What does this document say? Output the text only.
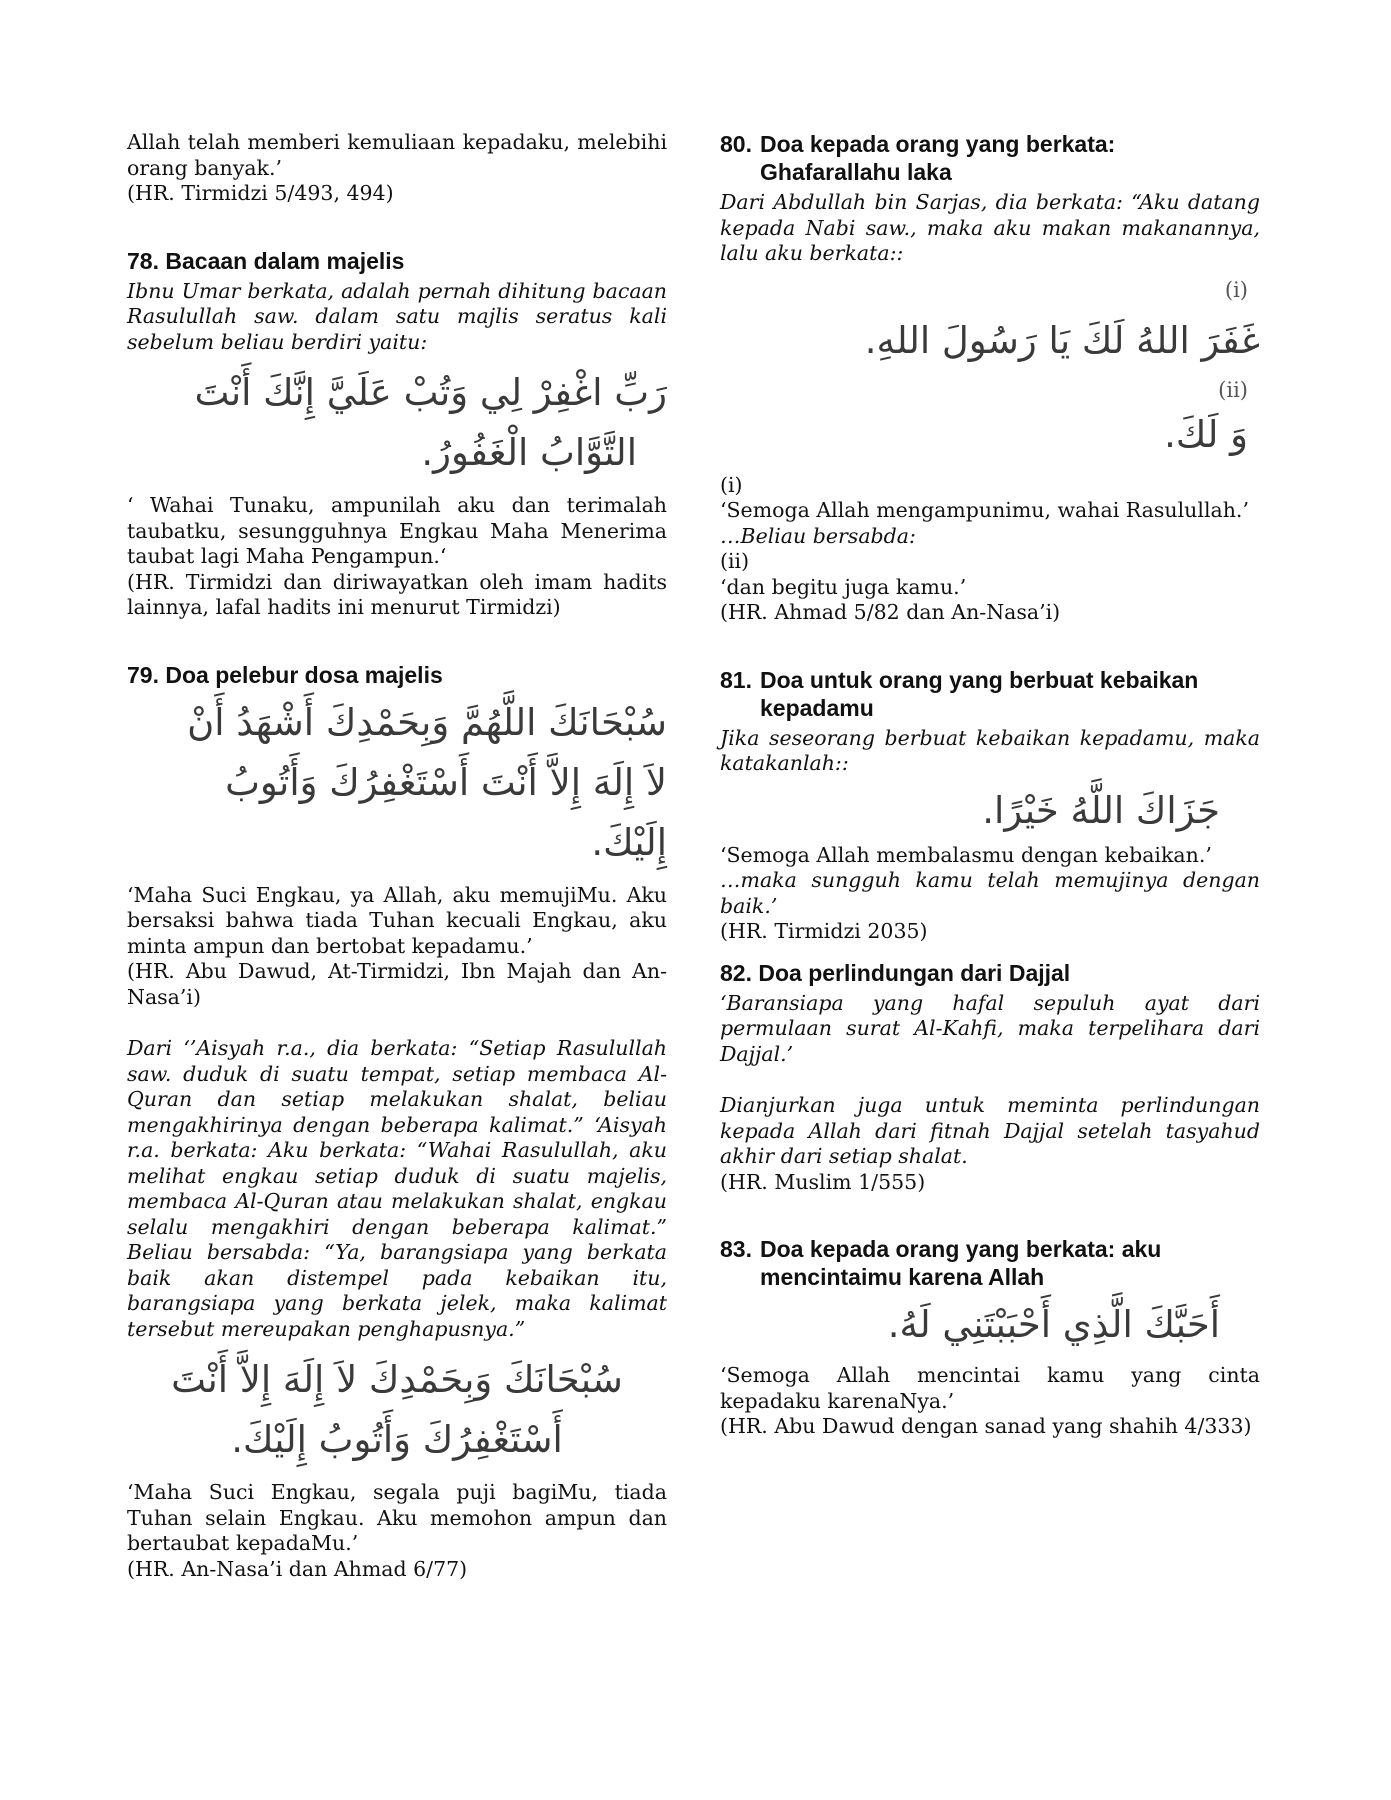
Allah telah memberi kemuliaan kepadaku, melebihi orang banyak.’

(HR. Tirmidzi 5/493, 494)

78. Bacaan dalam majelis

Ibnu Umar berkata, adalah pernah dihitung bacaan Rasulullah saw. dalam satu majlis seratus kali sebelum beliau berdiri yaitu:

رَبِّ اغْفِرْ لِي وَتُبْ عَلَيَّ إِنَّكَ أَنْتَ
التَّوَّابُ الْغَفُورُ.

‘ Wahai Tunaku, ampunilah aku dan terimalah taubatku, sesungguhnya Engkau Maha Menerima taubat lagi Maha Pengampun.‘

(HR. Tirmidzi dan diriwayatkan oleh imam hadits lainnya, lafal hadits ini menurut Tirmidzi)

79. Doa pelebur dosa majelis
سُبْحَانَكَ اللَّهُمَّ وَبِحَمْدِكَ أَشْهَدُ أَنْ
لاَ إِلَهَ إِلاَّ أَنْتَ أَسْتَغْفِرُكَ وَأَتُوبُ
إِلَيْكَ.

‘Maha Suci Engkau, ya Allah, aku memujiMu. Aku bersaksi bahwa tiada Tuhan kecuali Engkau, aku minta ampun dan bertobat kepadamu.’

(HR. Abu Dawud, At-Tirmidzi, Ibn Majah dan An-Nasa’i)

Dari ‘’Aisyah r.a., dia berkata: “Setiap Rasulullah saw. duduk di suatu tempat, setiap membaca Al-Quran dan setiap melakukan shalat, beliau mengakhirinya dengan beberapa kalimat.” ‘Aisyah r.a. berkata: Aku berkata: “Wahai Rasulullah, aku melihat engkau setiap duduk di suatu majelis, membaca Al-Quran atau melakukan shalat, engkau selalu mengakhiri dengan beberapa kalimat.” Beliau bersabda: “Ya, barangsiapa yang berkata baik akan distempel pada kebaikan itu, barangsiapa yang berkata jelek, maka kalimat tersebut mereupakan penghapusnya.”

سُبْحَانَكَ وَبِحَمْدِكَ لاَ إِلَهَ إِلاَّ أَنْتَ
أَسْتَغْفِرُكَ وَأَتُوبُ إِلَيْكَ.

‘Maha Suci Engkau, segala puji bagiMu, tiada Tuhan selain Engkau. Aku memohon ampun dan bertaubat kepadaMu.’

(HR. An-Nasa’i dan Ahmad 6/77)

80. Doa kepada orang yang berkata:
Ghafarallahu laka

Dari Abdullah bin Sarjas, dia berkata: “Aku datang kepada Nabi saw., maka aku makan makanannya, lalu aku berkata::

(i)
غَفَرَ اللهُ لَكَ يَا رَسُولَ اللهِ.
(ii)
وَ لَكَ.

(i)

‘Semoga Allah mengampunimu, wahai Rasulullah.’

…Beliau bersabda:

(ii)

‘dan begitu juga kamu.’

(HR. Ahmad 5/82 dan An-Nasa’i)

81. Doa untuk orang yang berbuat kebaikan
kepadamu

Jika seseorang berbuat kebaikan kepadamu, maka katakanlah::

جَزَاكَ اللَّهُ خَيْرًا.

‘Semoga Allah membalasmu dengan kebaikan.’

…maka sungguh kamu telah memujinya dengan baik.’

(HR. Tirmidzi 2035)

82. Doa perlindungan dari Dajjal

‘Baransiapa yang hafal sepuluh ayat dari permulaan surat Al-Kahfi, maka terpelihara dari Dajjal.’

Dianjurkan juga untuk meminta perlindungan kepada Allah dari fitnah Dajjal setelah tasyahud akhir dari setiap shalat.

(HR. Muslim 1/555)

83. Doa kepada orang yang berkata: aku
mencintaimu karena Allah
أَحَبَّكَ الَّذِي أَحْبَبْتَنِي لَهُ.

‘Semoga Allah mencintai kamu yang cinta kepadaku karenaNya.’

(HR. Abu Dawud dengan sanad yang shahih 4/333)
